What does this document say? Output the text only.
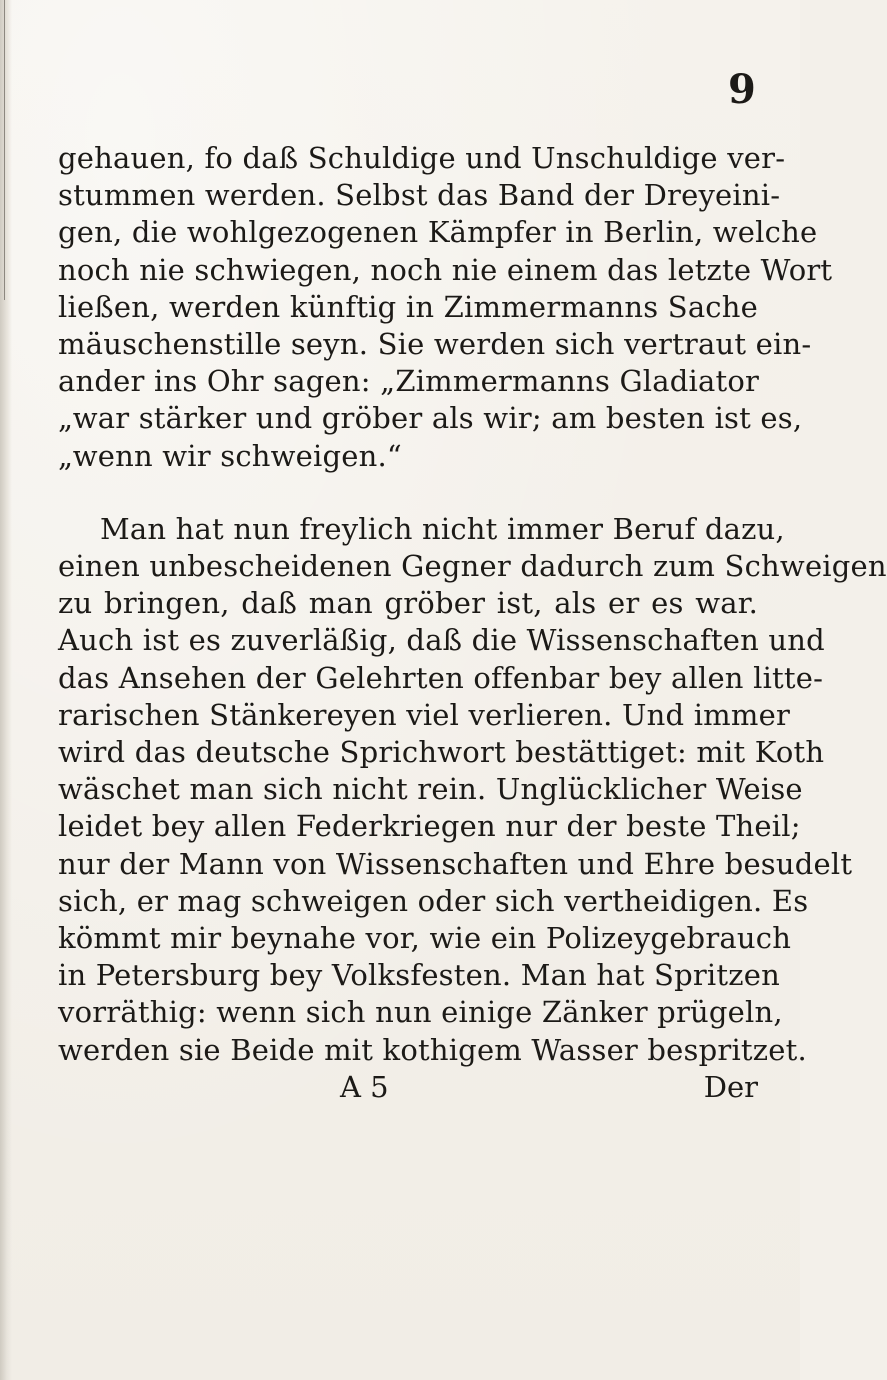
9
gehauen, fo daß Schuldige und Unschuldige ver-
stummen werden. Selbst das Band der Dreyeini-
gen, die wohlgezogenen Kämpfer in Berlin, welche
noch nie schwiegen, noch nie einem das letzte Wort
ließen, werden künftig in Zimmermanns Sache
mäuschenstille seyn. Sie werden sich vertraut ein-
ander ins Ohr sagen: „Zimmermanns Gladiator
„war stärker und gröber als wir; am besten ist es,
„wenn wir schweigen.“
Man hat nun freylich nicht immer Beruf dazu,
einen unbescheidenen Gegner dadurch zum Schweigen
zu bringen, daß man gröber ist, als er es war.
Auch ist es zuverläßig, daß die Wissenschaften und
das Ansehen der Gelehrten offenbar bey allen litte-
rarischen Stänkereyen viel verlieren. Und immer
wird das deutsche Sprichwort bestättiget: mit Koth
wäschet man sich nicht rein. Unglücklicher Weise
leidet bey allen Federkriegen nur der beste Theil;
nur der Mann von Wissenschaften und Ehre besudelt
sich, er mag schweigen oder sich vertheidigen. Es
kömmt mir beynahe vor, wie ein Polizeygebrauch
in Petersburg bey Volksfesten. Man hat Spritzen
vorräthig: wenn sich nun einige Zänker prügeln,
werden sie Beide mit kothigem Wasser bespritzet.
A 5	Der
